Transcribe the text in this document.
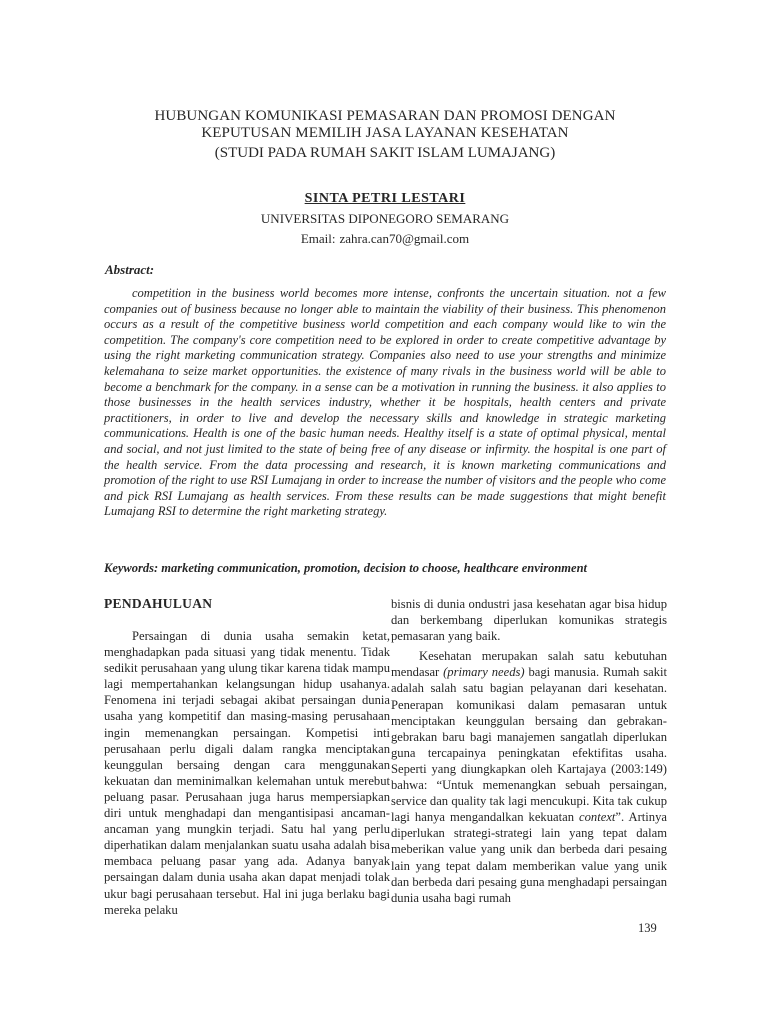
HUBUNGAN KOMUNIKASI PEMASARAN DAN PROMOSI DENGAN
KEPUTUSAN MEMILIH JASA LAYANAN KESEHATAN
(STUDI PADA RUMAH SAKIT ISLAM LUMAJANG)
SINTA PETRI LESTARI
UNIVERSITAS DIPONEGORO SEMARANG
Email: zahra.can70@gmail.com
Abstract:

competition in the business world becomes more intense, confronts the uncertain situation. not a few companies out of business because no longer able to maintain the viability of their business. This phenomenon occurs as a result of the competitive business world competition and each company would like to win the competition. The company's core competition need to be explored in order to create competitive advantage by using the right marketing communication strategy. Companies also need to use your strengths and minimize kelemahana to seize market opportunities. the existence of many rivals in the business world will be able to become a benchmark for the company. in a sense can be a motivation in running the business. it also applies to those businesses in the health services industry, whether it be hospitals, health centers and private practitioners, in order to live and develop the necessary skills and knowledge in strategic marketing communications. Health is one of the basic human needs. Healthy itself is a state of optimal physical, mental and social, and not just limited to the state of being free of any disease or infirmity. the hospital is one part of the health service. From the data processing and research, it is known marketing communications and promotion of the right to use RSI Lumajang in order to increase the number of visitors and the people who come and pick RSI Lumajang as health services. From these results can be made suggestions that might benefit Lumajang RSI to determine the right marketing strategy.

Keywords: marketing communication, promotion, decision to choose, healthcare environment
PENDAHULUAN

Persaingan di dunia usaha semakin ketat, menghadapkan pada situasi yang tidak menentu. Tidak sedikit perusahaan yang ulung tikar karena tidak mampu lagi mempertahankan kelangsungan hidup usahanya. Fenomena ini terjadi sebagai akibat persaingan dunia usaha yang kompetitif dan masing-masing perusahaan ingin memenangkan persaingan. Kompetisi inti perusahaan perlu digali dalam rangka menciptakan keunggulan bersaing dengan cara menggunakan kekuatan dan meminimalkan kelemahan untuk merebut peluang pasar. Perusahaan juga harus mempersiapkan diri untuk menghadapi dan mengantisipasi ancaman-ancaman yang mungkin terjadi. Satu hal yang perlu diperhatikan dalam menjalankan suatu usaha adalah bisa membaca peluang pasar yang ada. Adanya banyak persaingan dalam dunia usaha akan dapat menjadi tolak ukur bagi perusahaan tersebut. Hal ini juga berlaku bagi mereka pelaku

bisnis di dunia ondustri jasa kesehatan agar bisa hidup dan berkembang diperlukan komunikas strategis pemasaran yang baik.

Kesehatan merupakan salah satu kebutuhan mendasar (primary needs) bagi manusia. Rumah sakit adalah salah satu bagian pelayanan dari kesehatan. Penerapan komunikasi dalam pemasaran untuk menciptakan keunggulan bersaing dan gebrakan-gebrakan baru bagi manajemen sangatlah diperlukan guna tercapainya peningkatan efektifitas usaha. Seperti yang diungkapkan oleh Kartajaya (2003:149) bahwa: “Untuk memenangkan sebuah persaingan, service dan quality tak lagi mencukupi. Kita tak cukup lagi hanya mengandalkan kekuatan context”. Artinya diperlukan strategi-strategi lain yang tepat dalam meberikan value yang unik dan berbeda dari pesaing lain yang tepat dalam memberikan value yang unik dan berbeda dari pesaing guna menghadapi persaingan dunia usaha bagi rumah

139
